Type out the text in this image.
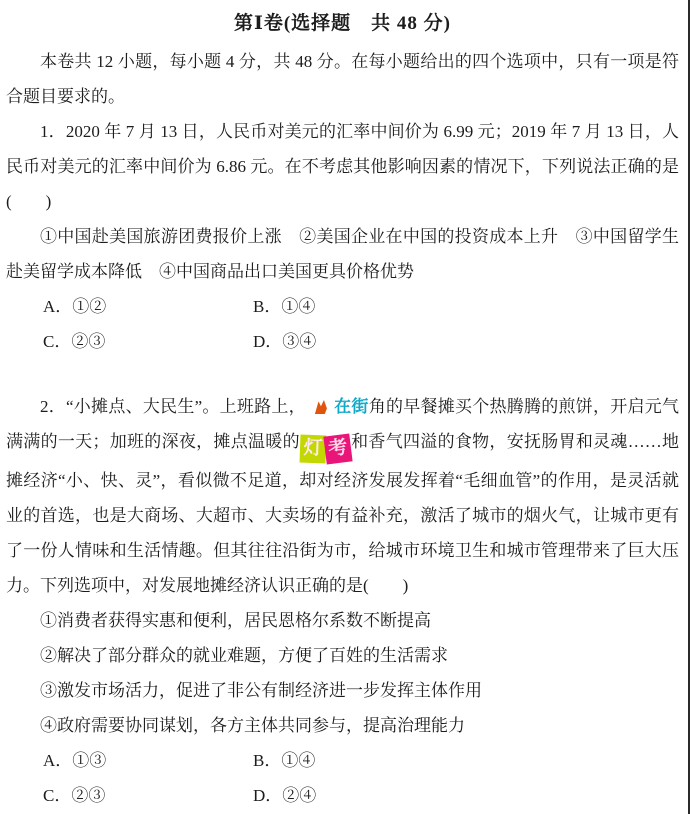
第Ⅰ卷(选择题　共 48 分)

本卷共 12 小题，每小题 4 分，共 48 分。在每小题给出的四个选项中，只有一项是符合题目要求的。

1．2020 年 7 月 13 日，人民币对美元的汇率中间价为 6.99 元；2019 年 7 月 13 日，人民币对美元的汇率中间价为 6.86 元。在不考虑其他影响因素的情况下，下列说法正确的是(　　)

①中国赴美国旅游团费报价上涨　②美国企业在中国的投资成本上升　③中国留学生赴美留学成本降低　④中国商品出口美国更具价格优势

A．①②	B．①④

C．②③	D．③④

2．“小摊点、大民生”。上班路上， 在街角的早餐摊买个热腾腾的煎饼，开启元气满满的一天；加班的深夜，摊点温暖的 灯 考 和香气四溢的食物，安抚肠胃和灵魂……地摊经济“小、快、灵”，看似微不足道，却对经济发展发挥着“毛细血管”的作用，是灵活就业的首选，也是大商场、大超市、大卖场的有益补充，激活了城市的烟火气，让城市更有了一份人情味和生活情趣。但其往往沿街为市，给城市环境卫生和城市管理带来了巨大压力。下列选项中，对发展地摊经济认识正确的是(　　)

①消费者获得实惠和便利，居民恩格尔系数不断提高

②解决了部分群众的就业难题，方便了百姓的生活需求

③激发市场活力，促进了非公有制经济进一步发挥主体作用

④政府需要协同谋划，各方主体共同参与，提高治理能力

A．①③	B．①④

C．②③	D．②④
